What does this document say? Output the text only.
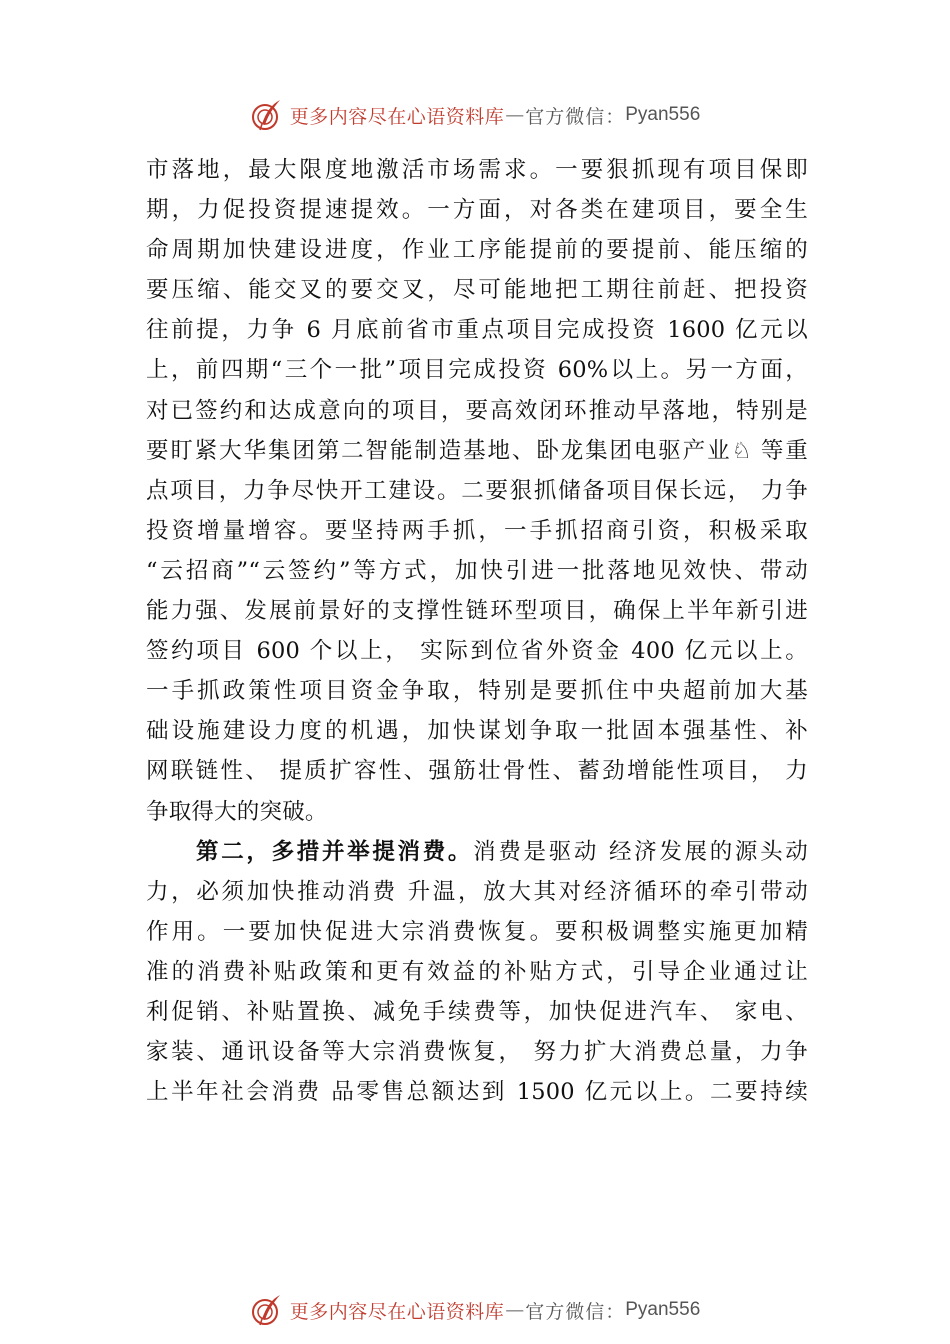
更多内容尽在心语资料库 — 官方微信： Pyan556
市落地，最大限度地激活市场需求。一要狠抓现有项目保即
期，力促投资提速提效。一方面，对各类在建项目，要全生
命周期加快建设进度，作业工序能提前的要提前、能压缩的
要压缩、能交叉的要交叉，尽可能地把工期往前赶、把投资
往前提，力争 6 月底前省市重点项目完成投资 1600 亿元以
上，前四期“三个一批”项目完成投资 60%以上。另一方面，
对已签约和达成意向的项目，要高效闭环推动早落地，特别是
要盯紧大华集团第二智能制造基地、卧龙集团电驱产业♘ 等重
点项目，力争尽快开工建设。二要狠抓储备项目保长远， 力争
投资增量增容。要坚持两手抓，一手抓招商引资，积极采取
“云招商”“云签约”等方式，加快引进一批落地见效快、带动
能力强、发展前景好的支撑性链环型项目，确保上半年新引进
签约项目 600 个以上， 实际到位省外资金 400 亿元以上。
一手抓政策性项目资金争取，特别是要抓住中央超前加大基
础设施建设力度的机遇，加快谋划争取一批固本强基性、补
网联链性、 提质扩容性、强筋壮骨性、蓄劲增能性项目， 力
争取得大的突破。
第二，多措并举提消费。消费是驱动 经济发展的源头动
力，必须加快推动消费 升温，放大其对经济循环的牵引带动
作用。一要加快促进大宗消费恢复。要积极调整实施更加精
准的消费补贴政策和更有效益的补贴方式，引导企业通过让
利促销、补贴置换、减免手续费等，加快促进汽车、 家电、
家装、通讯设备等大宗消费恢复， 努力扩大消费总量，力争
上半年社会消费 品零售总额达到 1500 亿元以上。二要持续
更多内容尽在心语资料库 — 官方微信： Pyan556
